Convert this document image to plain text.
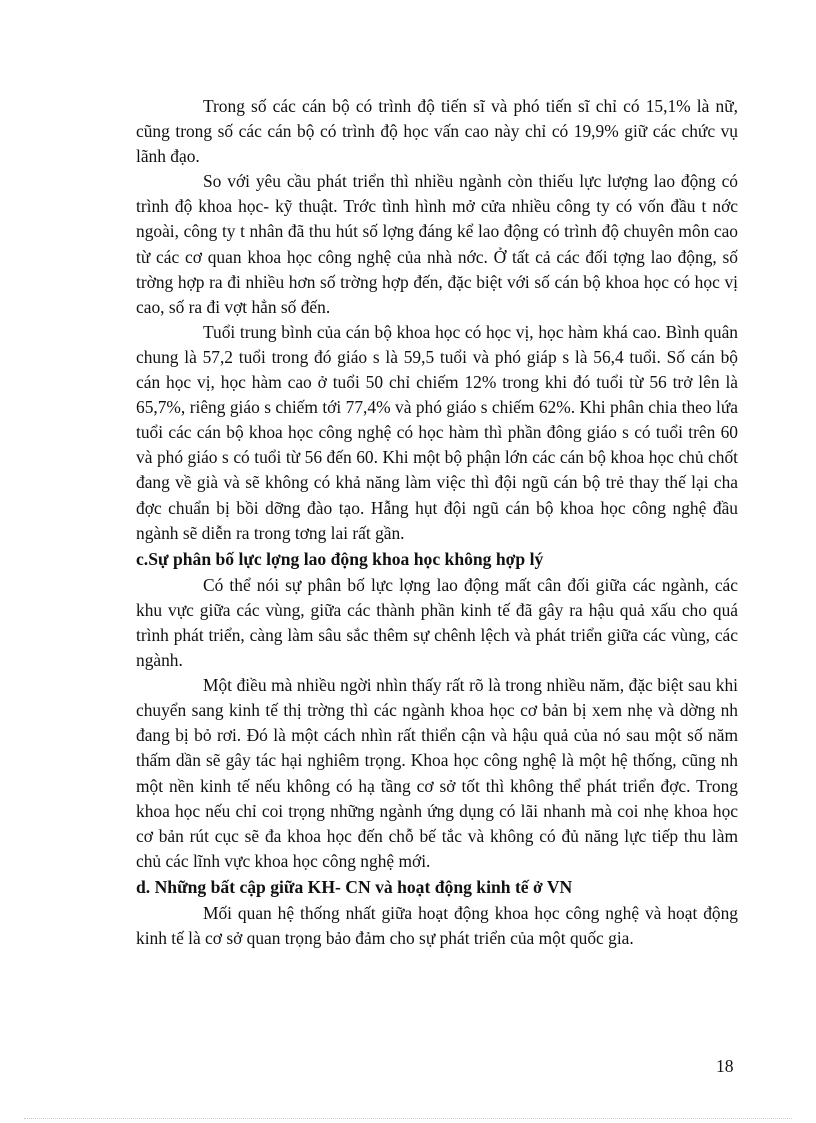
Trong số các cán bộ có trình độ tiến sĩ và phó tiến sĩ chỉ có 15,1% là nữ, cũng trong số các cán bộ có trình độ học vấn cao này chỉ có 19,9% giữ các chức vụ lãnh đạo.

So với yêu cầu phát triển thì nhiều ngành còn thiếu lực lượng lao động có trình độ khoa học- kỹ thuật. Trớc tình hình mở cửa nhiều công ty có vốn đầu t nớc ngoài, công ty t nhân đã thu hút số lợng đáng kể lao động có trình độ chuyên môn cao từ các cơ quan khoa học công nghệ của nhà nớc. Ở tất cả các đối tợng lao động, số trờng hợp ra đi nhiều hơn số trờng hợp đến, đặc biệt với số cán bộ khoa học có học vị cao, số ra đi vợt hẳn số đến.

Tuổi trung bình của cán bộ khoa học có học vị, học hàm khá cao. Bình quân chung là 57,2 tuổi trong đó giáo s là 59,5 tuổi và phó giáp s là 56,4 tuổi. Số cán bộ cán học vị, học hàm cao ở tuổi 50 chỉ chiếm 12% trong khi đó tuổi từ 56 trở lên là 65,7%, riêng giáo s chiếm tới 77,4% và phó giáo s chiếm 62%. Khi phân chia theo lứa tuổi các cán bộ khoa học công nghệ có học hàm thì phần đông giáo s có tuổi trên 60 và phó giáo s có tuổi từ 56 đến 60. Khi một bộ phận lớn các cán bộ khoa học chủ chốt đang về già và sẽ không có khả năng làm việc thì đội ngũ cán bộ trẻ thay thế lại cha đợc chuẩn bị bồi dỡng đào tạo. Hẫng hụt đội ngũ cán bộ khoa học công nghệ đầu ngành sẽ diễn ra trong tơng lai rất gần.

c.Sự phân bố lực lợng lao động khoa học không hợp lý

Có thể nói sự phân bố lực lợng lao động mất cân đối giữa các ngành, các khu vực giữa các vùng, giữa các thành phần kinh tế đã gây ra hậu quả xấu cho quá trình phát triển, càng làm sâu sắc thêm sự chênh lệch và phát triển giữa các vùng, các ngành.

Một điều mà nhiều ngời nhìn thấy rất rõ là trong nhiều năm, đặc biệt sau khi chuyển sang kinh tế thị trờng thì các ngành khoa học cơ bản bị xem nhẹ và dờng nh đang bị bỏ rơi. Đó là một cách nhìn rất thiển cận và hậu quả của nó sau một số năm thấm dần sẽ gây tác hại nghiêm trọng. Khoa học công nghệ là một hệ thống, cũng nh một nền kinh tế nếu không có hạ tầng cơ sở tốt thì không thể phát triển đợc. Trong khoa học nếu chỉ coi trọng những ngành ứng dụng có lãi nhanh mà coi nhẹ khoa học cơ bản rút cục sẽ đa khoa học đến chỗ bế tắc và không có đủ năng lực tiếp thu làm chủ các lĩnh vực khoa học công nghệ mới.

d. Những bất cập giữa KH- CN và hoạt động kinh tế ở VN

Mối quan hệ thống nhất giữa hoạt động khoa học công nghệ và hoạt động kinh tế là cơ sở quan trọng bảo đảm cho sự phát triển của một quốc gia.

18
